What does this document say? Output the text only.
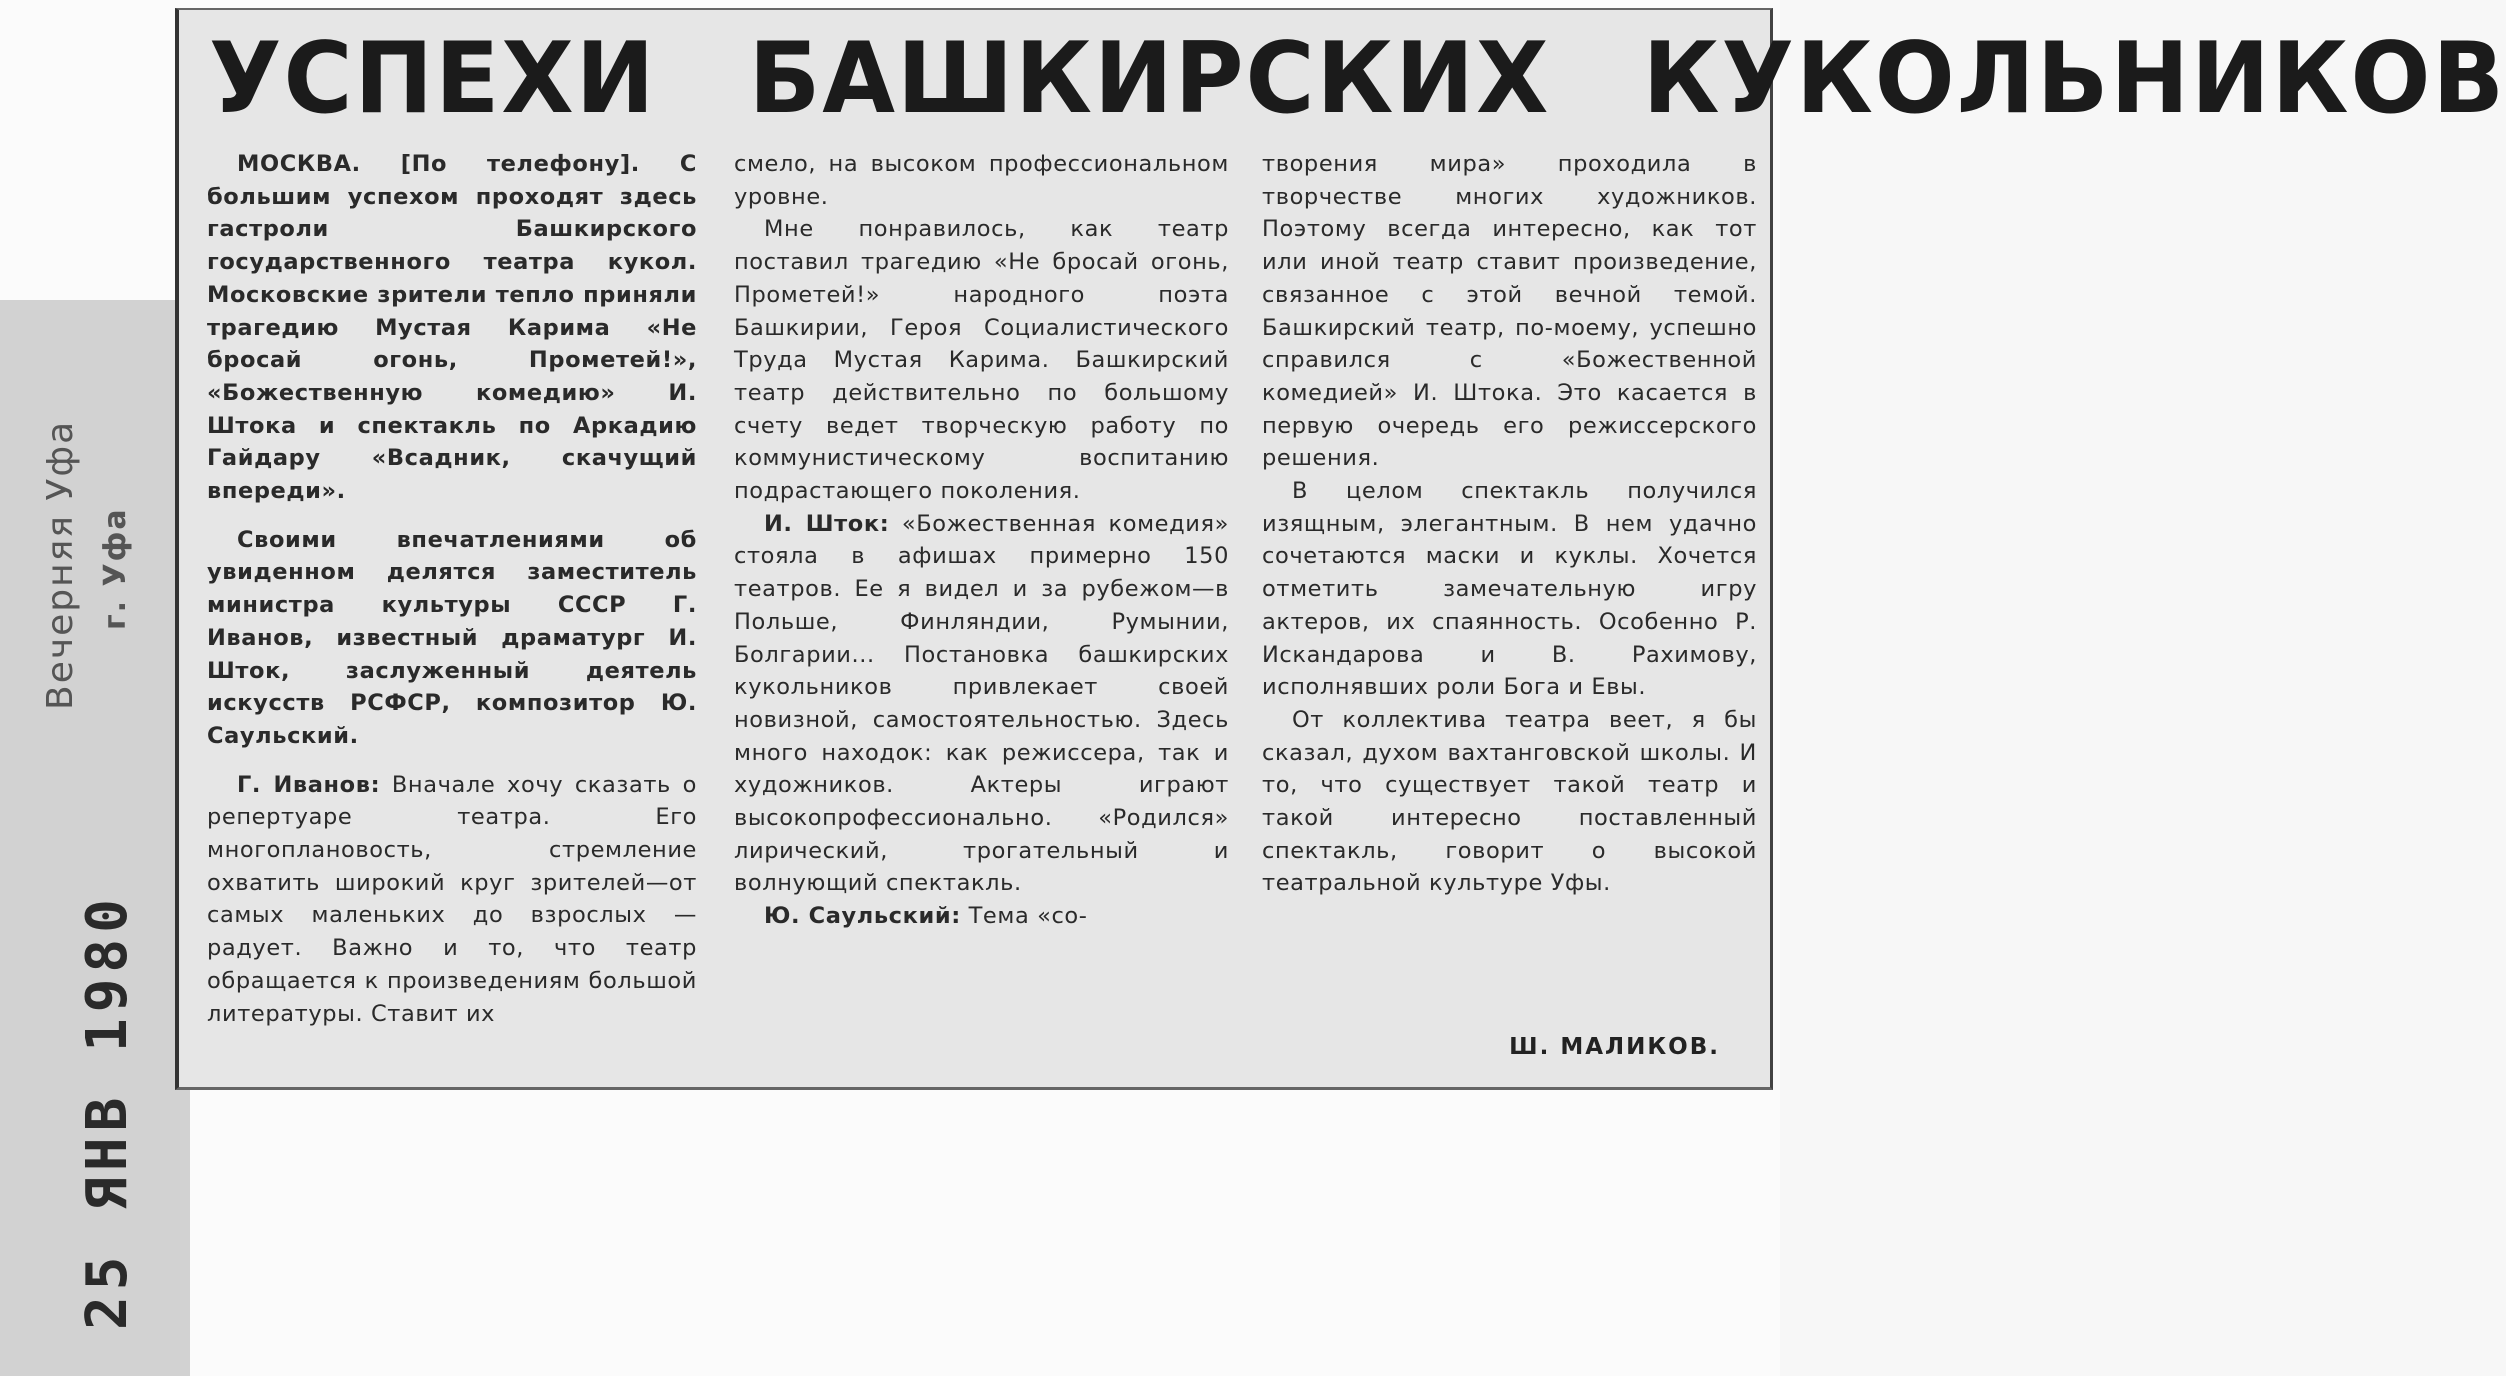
Вечерняя Уфа г. Уфа
25 ЯНВ 1980
УСПЕХИ БАШКИРСКИХ КУКОЛЬНИКОВ

МОСКВА. [По телефону]. С большим успехом проходят здесь гастроли Башкирского государственного театра кукол. Московские зрители тепло приняли трагедию Мустая Карима «Не бросай огонь, Прометей!», «Божественную комедию» И. Штока и спектакль по Аркадию Гайдару «Всадник, скачущий впереди».

Своими впечатлениями об увиденном делятся заместитель министра культуры СССР Г. Иванов, известный драматург И. Шток, заслуженный деятель искусств РСФСР, композитор Ю. Саульский.

Г. Иванов: Вначале хочу сказать о репертуаре театра. Его многоплановость, стремление охватить широкий круг зрителей—от самых маленьких до взрослых — радует. Важно и то, что театр обращается к произведениям большой литературы. Ставит их

смело, на высоком профессиональном уровне.

Мне понравилось, как театр поставил трагедию «Не бросай огонь, Прометей!» народного поэта Башкирии, Героя Социалистического Труда Мустая Карима. Башкирский театр действительно по большому счету ведет творческую работу по коммунистическому воспитанию подрастающего поколения.

И. Шток: «Божественная комедия» стояла в афишах примерно 150 театров. Ее я видел и за рубежом—в Польше, Финляндии, Румынии, Болгарии... Постановка башкирских кукольников привлекает своей новизной, самостоятельностью. Здесь много находок: как режиссера, так и художников. Актеры играют высокопрофессионально. «Родился» лирический, трогательный и волнующий спектакль.

Ю. Саульский: Тема «со-

творения мира» проходила в творчестве многих художников. Поэтому всегда интересно, как тот или иной театр ставит произведение, связанное с этой вечной темой. Башкирский театр, по-моему, успешно справился с «Божественной комедией» И. Штока. Это касается в первую очередь его режиссерского решения.

В целом спектакль получился изящным, элегантным. В нем удачно сочетаются маски и куклы. Хочется отметить замечательную игру актеров, их спаянность. Особенно Р. Искандарова и В. Рахимову, исполнявших роли Бога и Евы.

От коллектива театра веет, я бы сказал, духом вахтанговской школы. И то, что существует такой театр и такой интересно поставленный спектакль, говорит о высокой театральной культуре Уфы.

Ш. МАЛИКОВ.
